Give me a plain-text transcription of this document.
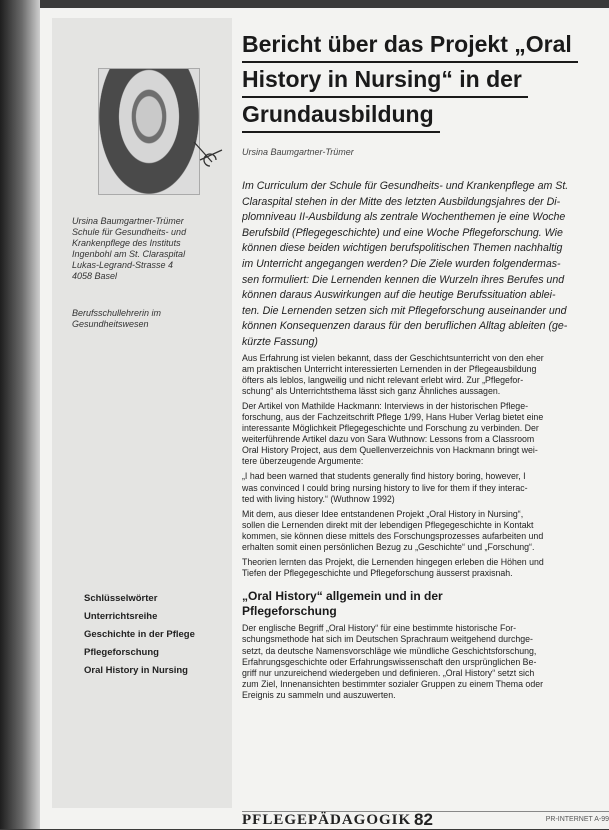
Ursina Baumgartner-Trümer
Schule für Gesundheits- und
Krankenpflege des Instituts
Ingenbohl am St. Claraspital
Lukas-Legrand-Strasse 4
4058 Basel
Berufsschullehrerin im
Gesundheitswesen
Schlüsselwörter
Unterrichtsreihe
Geschichte in der Pflege
Pflegeforschung
Oral History in Nursing
Bericht über das Projekt „Oral
History in Nursing“ in der
Grundausbildung
Ursina Baumgartner-Trümer
Im Curriculum der Schule für Gesundheits- und Krankenpflege am St.
Claraspital stehen in der Mitte des letzten Ausbildungsjahres der Di-
plomniveau II-Ausbildung als zentrale Wochenthemen je eine Woche
Berufsbild (Pflegegeschichte) und eine Woche Pflegeforschung. Wie
können diese beiden wichtigen berufspolitischen Themen nachhaltig
im Unterricht angegangen werden? Die Ziele wurden folgendermas-
sen formuliert: Die Lernenden kennen die Wurzeln ihres Berufes und
können daraus Auswirkungen auf die heutige Berufssituation ablei-
ten. Die Lernenden setzen sich mit Pflegeforschung auseinander und
können Konsequenzen daraus für den beruflichen Alltag ableiten (ge-
kürzte Fassung)

Aus Erfahrung ist vielen bekannt, dass der Geschichtsunterricht von den eher
am praktischen Unterricht interessierten Lernenden in der Pflegeausbildung
öfters als leblos, langweilig und nicht relevant erlebt wird. Zur „Pflegefor-
schung“ als Unterrichtsthema lässt sich ganz Ähnliches aussagen.

Der Artikel von Mathilde Hackmann: Interviews in der historischen Pflege-
forschung, aus der Fachzeitschrift Pflege 1/99, Hans Huber Verlag bietet eine
interessante Möglichkeit Pflegegeschichte und Forschung zu verbinden. Der
weiterführende Artikel dazu von Sara Wuthnow: Lessons from a Classroom
Oral History Project, aus dem Quellenverzeichnis von Hackmann bringt wei-
tere überzeugende Argumente:

„I had been warned that students generally find history boring, however, I
was convinced I could bring nursing history to live for them if they interac-
ted with living history.“ (Wuthnow 1992)

Mit dem, aus dieser Idee entstandenen Projekt „Oral History in Nursing“,
sollen die Lernenden direkt mit der lebendigen Pflegegeschichte in Kontakt
kommen, sie können diese mittels des Forschungsprozesses aufarbeiten und
erhalten somit einen persönlichen Bezug zu „Geschichte“ und „Forschung“.

Theorien lernten das Projekt, die Lernenden hingegen erleben die Höhen und
Tiefen der Pflegegeschichte und Pflegeforschung äusserst praxisnah.

„Oral History“ allgemein und in der
Pflegeforschung

Der englische Begriff „Oral History“ für eine bestimmte historische For-
schungsmethode hat sich im Deutschen Sprachraum weitgehend durchge-
setzt, da deutsche Namensvorschläge wie mündliche Geschichtsforschung,
Erfahrungsgeschichte oder Erfahrungswissenschaft den ursprünglichen Be-
griff nur unzureichend wiedergeben und definieren. „Oral History“ setzt sich
zum Ziel, Innenansichten bestimmter sozialer Gruppen zu einem Thema oder
Ereignis zu sammeln und auszuwerten.

PFLEGEPÄDAGOGIK 82	PR-INTERNET A-99
